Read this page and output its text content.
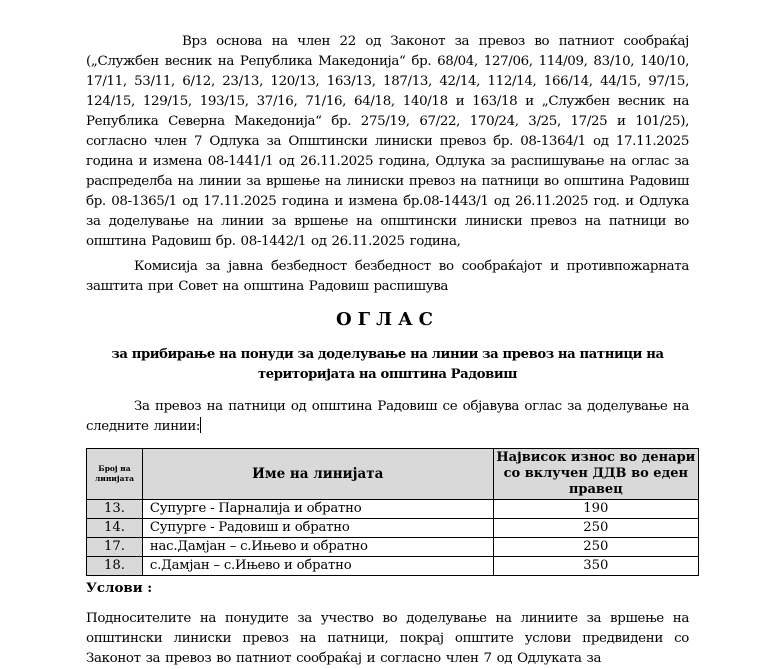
Врз основа на член 22 од Законот за превоз во патниот сообраќај („Службен весник на Република Македонија“ бр. 68/04, 127/06, 114/09, 83/10, 140/10, 17/11, 53/11, 6/12, 23/13, 120/13, 163/13, 187/13, 42/14, 112/14, 166/14, 44/15, 97/15, 124/15, 129/15, 193/15, 37/16, 71/16, 64/18, 140/18 и 163/18 и „Службен весник на Република Северна Македонија“ бр. 275/19, 67/22, 170/24, 3/25, 17/25 и 101/25), согласно член 7 Одлука за Општински линиски превоз бр. 08-1364/1 од 17.11.2025 година и измена 08-1441/1 од 26.11.2025 година, Одлука за распишување на оглас за распределба на линии за вршење на линиски превоз на патници во општина Радовиш бр. 08-1365/1 од 17.11.2025 година и измена бр.08-1443/1 од 26.11.2025 год. и Одлука за доделување на линии за вршење на општински линиски превоз на патници во општина Радовиш бр. 08-1442/1 од 26.11.2025 година,

Комисија за јавна безбедност безбедност во сообраќајот и противпожарната заштита при Совет на општина Радовиш распишува

ОГЛАС
за прибирање на понуди за доделување на линии за превоз на патници на територијата на општина Радовиш

За превоз на патници од општина Радовиш се објавува оглас за доделување на следните линии:

Број на линијата	Име на линијата	Највисок износ во денари со вклучен ДДВ во еден правец
13.	Супурге - Парналија и обратно	190
14.	Супурге - Радовиш и обратно	250
17.	нас.Дамјан – с.Ињево и обратно	250
18.	с.Дамјан – с.Ињево и обратно	350
Услови :

Подносителите на понудите за учество во доделување на линиите за вршење на општински линиски превоз на патници, покрај општите услови предвидени со Законот за превоз во патниот сообраќај и согласно член 7 од Одлуката за
